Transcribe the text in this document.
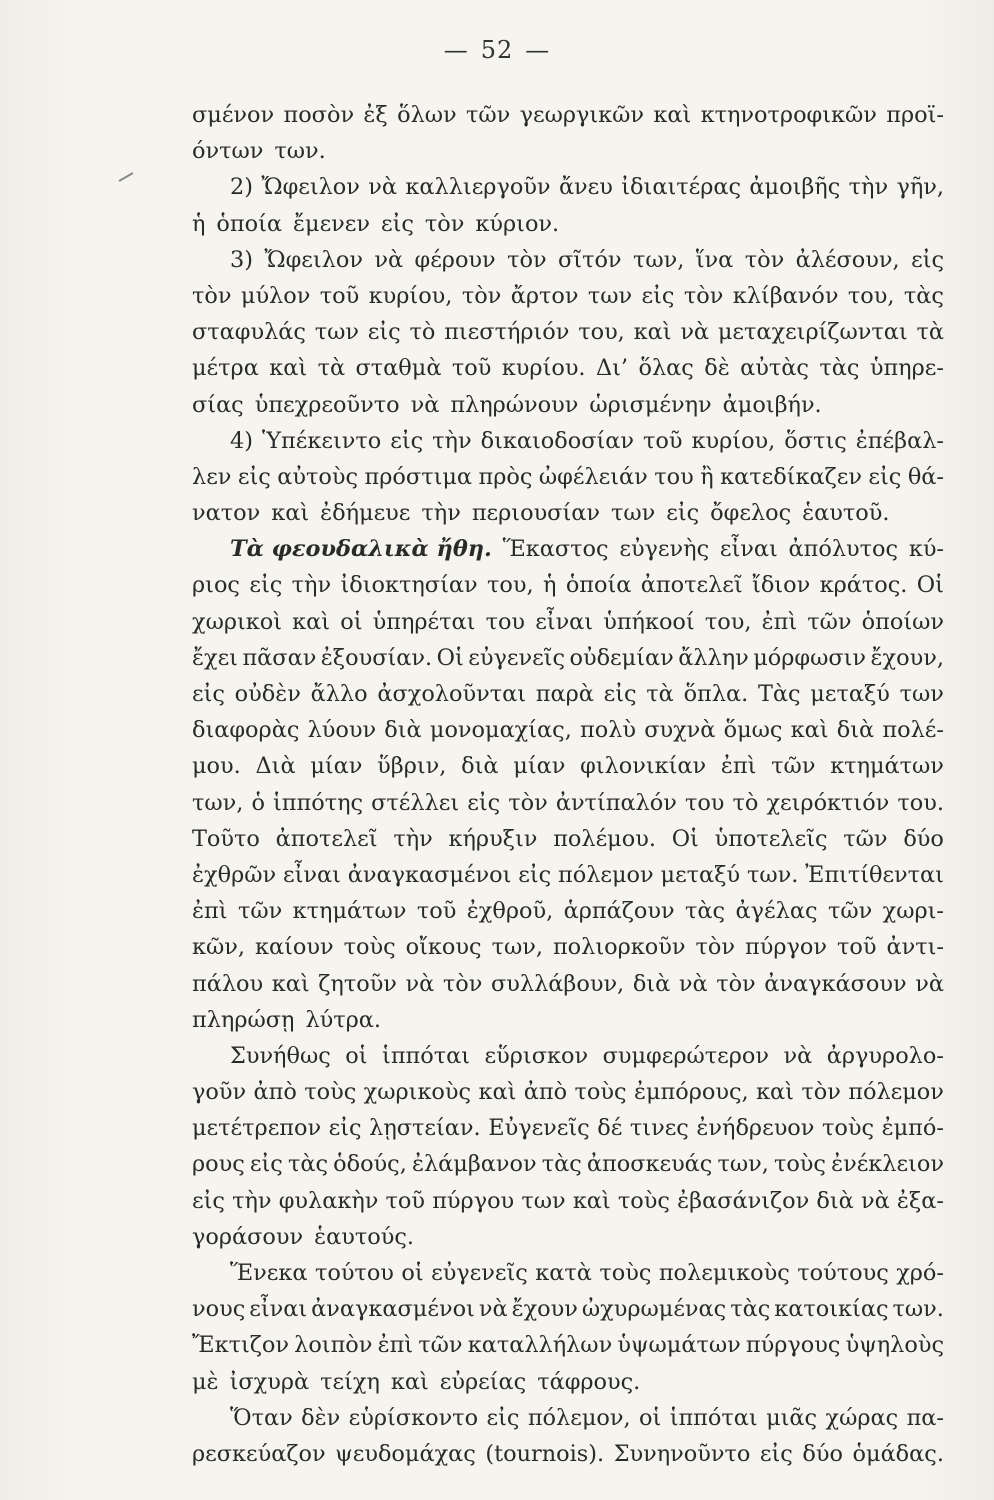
— 52 —
σμένον ποσὸν ἐξ ὅλων τῶν γεωργικῶν καὶ κτηνοτροφικῶν προϊ-
όντων των.
2) Ὤφειλον νὰ καλλιεργοῦν ἄνευ ἰδιαιτέρας ἀμοιβῆς τὴν γῆν,
ἡ ὁποία ἔμενεν εἰς τὸν κύριον.
3) Ὤφειλον νὰ φέρουν τὸν σῖτόν των, ἵνα τὸν ἀλέσουν, εἰς
τὸν μύλον τοῦ κυρίου, τὸν ἄρτον των εἰς τὸν κλίβανόν του, τὰς
σταφυλάς των εἰς τὸ πιεστήριόν του, καὶ νὰ μεταχειρίζωνται τὰ
μέτρα καὶ τὰ σταθμὰ τοῦ κυρίου. Δι’ ὅλας δὲ αὐτὰς τὰς ὑπηρε-
σίας ὑπεχρεοῦντο νὰ πληρώνουν ὡρισμένην ἀμοιβήν.
4) Ὑπέκειντο εἰς τὴν δικαιοδοσίαν τοῦ κυρίου, ὅστις ἐπέβαλ-
λεν εἰς αὐτοὺς πρόστιμα πρὸς ὠφέλειάν του ἢ κατεδίκαζεν εἰς θά-
νατον καὶ ἐδήμευε τὴν περιουσίαν των εἰς ὄφελος ἑαυτοῦ.
Τὰ φεουδαλικὰ ἤθη. Ἕκαστος εὐγενὴς εἶναι ἀπόλυτος κύ-
ριος εἰς τὴν ἰδιοκτησίαν του, ἡ ὁποία ἀποτελεῖ ἴδιον κράτος. Οἱ
χωρικοὶ καὶ οἱ ὑπηρέται του εἶναι ὑπήκοοί του, ἐπὶ τῶν ὁποίων
ἔχει πᾶσαν ἐξουσίαν. Οἱ εὐγενεῖς οὐδεμίαν ἄλλην μόρφωσιν ἔχουν,
εἰς οὐδὲν ἄλλο ἀσχολοῦνται παρὰ εἰς τὰ ὅπλα. Τὰς μεταξύ των
διαφορὰς λύουν διὰ μονομαχίας, πολὺ συχνὰ ὅμως καὶ διὰ πολέ-
μου. Διὰ μίαν ὕβριν, διὰ μίαν φιλονικίαν ἐπὶ τῶν κτημάτων
των, ὁ ἱππότης στέλλει εἰς τὸν ἀντίπαλόν του τὸ χειρόκτιόν του.
Τοῦτο ἀποτελεῖ τὴν κήρυξιν πολέμου. Οἱ ὑποτελεῖς τῶν δύο
ἐχθρῶν εἶναι ἀναγκασμένοι εἰς πόλεμον μεταξύ των. Ἐπιτίθενται
ἐπὶ τῶν κτημάτων τοῦ ἐχθροῦ, ἁρπάζουν τὰς ἀγέλας τῶν χωρι-
κῶν, καίουν τοὺς οἴκους των, πολιορκοῦν τὸν πύργον τοῦ ἀντι-
πάλου καὶ ζητοῦν νὰ τὸν συλλάβουν, διὰ νὰ τὸν ἀναγκάσουν νὰ
πληρώσῃ λύτρα.
Συνήθως οἱ ἱππόται εὕρισκον συμφερώτερον νὰ ἀργυρολο-
γοῦν ἀπὸ τοὺς χωρικοὺς καὶ ἀπὸ τοὺς ἐμπόρους, καὶ τὸν πόλεμον
μετέτρεπον εἰς λῃστείαν. Εὐγενεῖς δέ τινες ἐνήδρευον τοὺς ἐμπό-
ρους εἰς τὰς ὁδούς, ἐλάμβανον τὰς ἀποσκευάς των, τοὺς ἐνέκλειον
εἰς τὴν φυλακὴν τοῦ πύργου των καὶ τοὺς ἐβασάνιζον διὰ νὰ ἐξα-
γοράσουν ἑαυτούς.
Ἕνεκα τούτου οἱ εὐγενεῖς κατὰ τοὺς πολεμικοὺς τούτους χρό-
νους εἶναι ἀναγκασμένοι νὰ ἔχουν ὠχυρωμένας τὰς κατοικίας των.
Ἔκτιζον λοιπὸν ἐπὶ τῶν καταλλήλων ὑψωμάτων πύργους ὑψηλοὺς
μὲ ἰσχυρὰ τείχη καὶ εὐρείας τάφρους.
Ὅταν δὲν εὑρίσκοντο εἰς πόλεμον, οἱ ἱππόται μιᾶς χώρας πα-
ρεσκεύαζον ψευδομάχας (tournois). Συνηνοῦντο εἰς δύο ὁμάδας.
